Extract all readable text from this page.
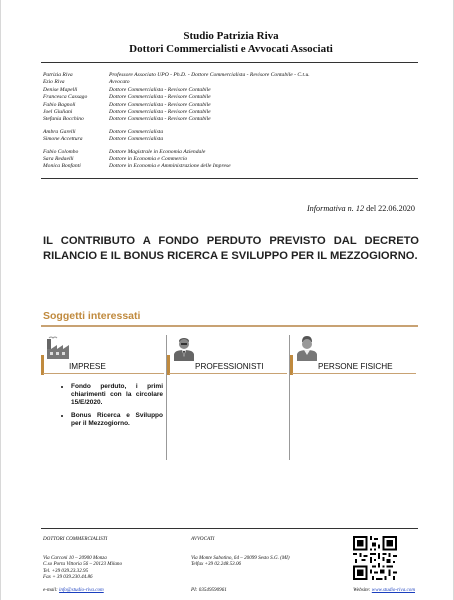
Studio Patrizia Riva
Dottori Commercialisti e Avvocati Associati
Patrizia Riva	Professore Associato UPO - Ph.D. - Dottore Commercialista - Revisore Contabile - C.t.u.
Ezio Riva	Avvocato
Denise Mapelli	Dottore Commercialista - Revisore Contabile
Francesca Cassago	Dottore Commercialista - Revisore Contabile
Fabio Bagnoli	Dottore Commercialista - Revisore Contabile
Joel Giuliani	Dottore Commercialista - Revisore Contabile
Stefania Bocchino	Dottore Commercialista - Revisore Contabile
Ambra Garelli	Dottore Commercialista
Simone Accettura	Dottore Commercialista
Fabio Colombo	Dottore Magistrale in Economia Aziendale
Sara Redaelli	Dottore in Economia e Commercio
Monica Bonfanti	Dottore in Economia e Amministrazione delle Imprese
Informativa n. 12 del 22.06.2020
IL CONTRIBUTO A FONDO PERDUTO PREVISTO DAL DECRETO RILANCIO E IL BONUS RICERCA E SVILUPPO PER IL MEZZOGIORNO.
Soggetti interessati
IMPRESE
• Fondo perduto, i primi chiarimenti con la circolare 15/E/2020.
• Bonus Ricerca e Sviluppo per il Mezzogiorno.
PROFESSIONISTI	PERSONE FISICHE
DOTTORI COMMERCIALISTI
Via Carconi 10 – 20900 Monza
C.so Porta Vittoria 56 – 20123 Milano
Tel. +39 039.23.32.95
Fax + 39 039.230.44.86
AVVOCATI
Via Monte Sabotino, 64 – 20099 Sesto S.G. (MI)
Telfax +39 02.248.53.06
e-mail: info@studio-riva.com	PI: 03549590961	Website: www.studio-riva.com
